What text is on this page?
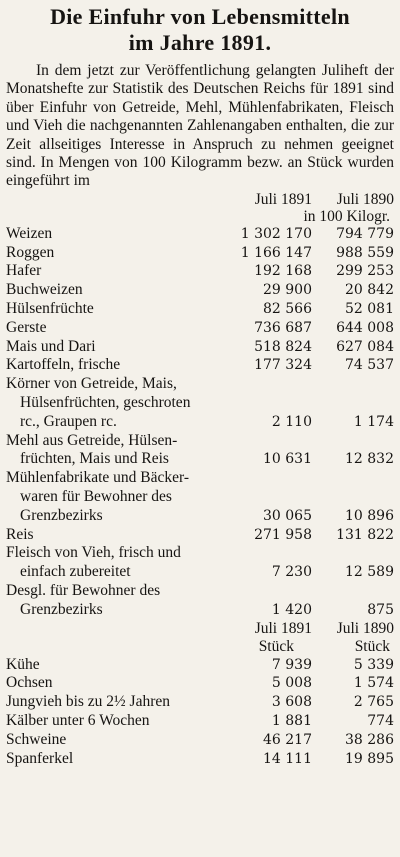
Die Einfuhr von Lebensmitteln
im Jahre 1891.

In dem jetzt zur Veröffentlichung gelangten Juliheft der Monatshefte zur Statistik des Deutschen Reichs für 1891 sind über Einfuhr von Getreide, Mehl, Mühlenfabrikaten, Fleisch und Vieh die nachgenannten Zahlenangaben enthalten, die zur Zeit allseitiges Interesse in Anspruch zu nehmen geeignet sind. In Mengen von 100 Kilogramm bezw. an Stück wurden eingeführt im

Juli 1891	Juli 1890
in 100 Kilogr.
Weizen	1 302 170	794 779
Roggen	1 166 147	988 559
Hafer	192 168	299 253
Buchweizen	29 900	20 842
Hülsenfrüchte	82 566	52 081
Gerste	736 687	644 008
Mais und Dari	518 824	627 084
Kartoffeln, frische	177 324	74 537
Körner von Getreide, Mais,
Hülsenfrüchten, geschroten
rc., Graupen rc.	2 110	1 174
Mehl aus Getreide, Hülsen-
früchten, Mais und Reis	10 631	12 832
Mühlenfabrikate und Bäcker-
waren für Bewohner des
Grenzbezirks	30 065	10 896
Reis	271 958	131 822
Fleisch von Vieh, frisch und
einfach zubereitet	7 230	12 589
Desgl. für Bewohner des
Grenzbezirks	1 420	875
Juli 1891	Juli 1890
Stück	Stück
Kühe	7 939	5 339
Ochsen	5 008	1 574
Jungvieh bis zu 2½ Jahren	3 608	2 765
Kälber unter 6 Wochen	1 881	774
Schweine	46 217	38 286
Spanferkel	14 111	19 895
